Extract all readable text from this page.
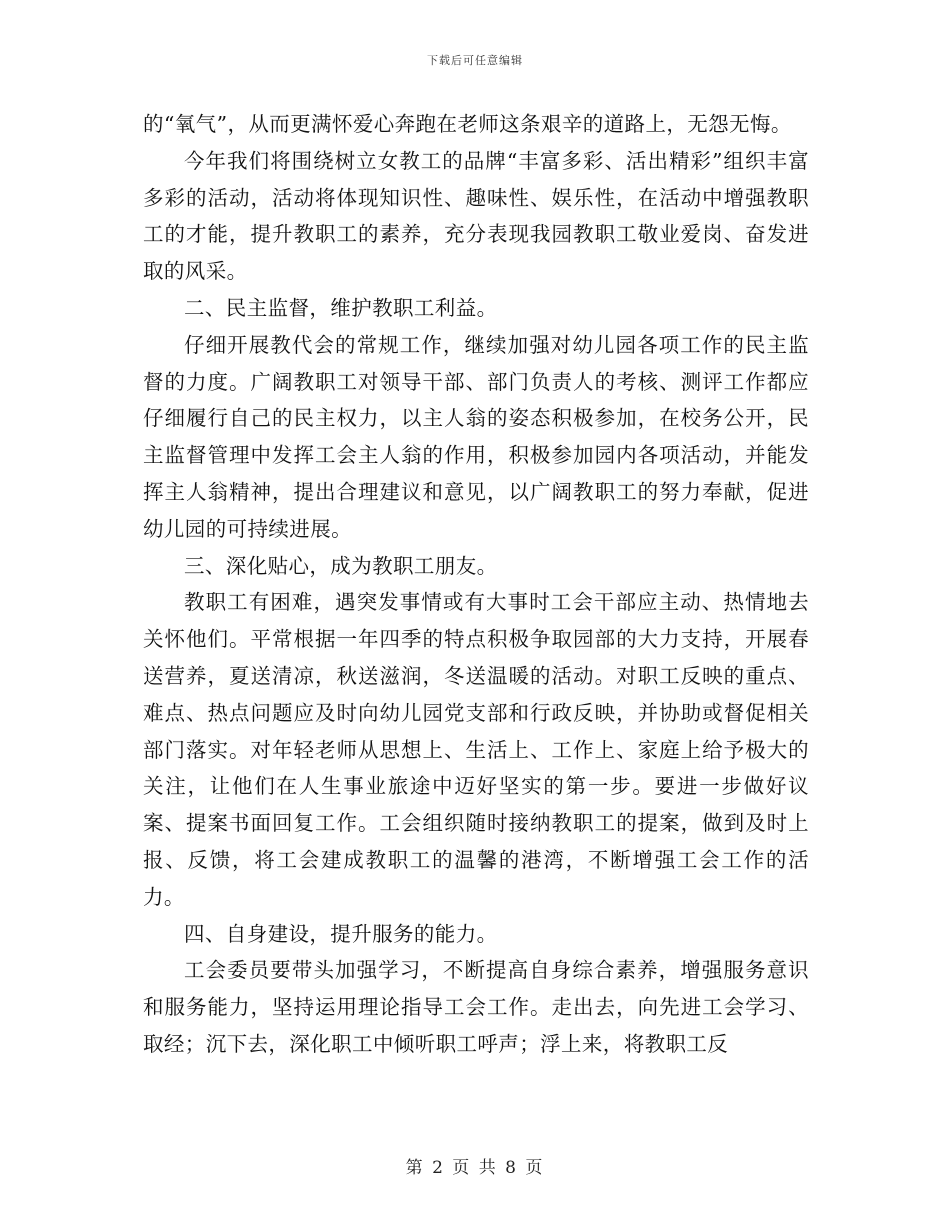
下载后可任意编辑

的“氧气”，从而更满怀爱心奔跑在老师这条艰辛的道路上，无怨无悔。

今年我们将围绕树立女教工的品牌“丰富多彩、活出精彩”组织丰富多彩的活动，活动将体现知识性、趣味性、娱乐性，在活动中增强教职工的才能，提升教职工的素养，充分表现我园教职工敬业爱岗、奋发进取的风采。

二、民主监督，维护教职工利益。

仔细开展教代会的常规工作，继续加强对幼儿园各项工作的民主监督的力度。广阔教职工对领导干部、部门负责人的考核、测评工作都应仔细履行自己的民主权力，以主人翁的姿态积极参加，在校务公开，民主监督管理中发挥工会主人翁的作用，积极参加园内各项活动，并能发挥主人翁精神，提出合理建议和意见，以广阔教职工的努力奉献，促进幼儿园的可持续进展。

三、深化贴心，成为教职工朋友。

教职工有困难，遇突发事情或有大事时工会干部应主动、热情地去关怀他们。平常根据一年四季的特点积极争取园部的大力支持，开展春送营养，夏送清凉，秋送滋润，冬送温暖的活动。对职工反映的重点、难点、热点问题应及时向幼儿园党支部和行政反映，并协助或督促相关部门落实。对年轻老师从思想上、生活上、工作上、家庭上给予极大的关注，让他们在人生事业旅途中迈好坚实的第一步。要进一步做好议案、提案书面回复工作。工会组织随时接纳教职工的提案，做到及时上报、反馈，将工会建成教职工的温馨的港湾，不断增强工会工作的活力。

四、自身建设，提升服务的能力。

工会委员要带头加强学习，不断提高自身综合素养，增强服务意识和服务能力，坚持运用理论指导工会工作。走出去，向先进工会学习、取经；沉下去，深化职工中倾听职工呼声；浮上来，将教职工反

第 2 页 共 8 页
